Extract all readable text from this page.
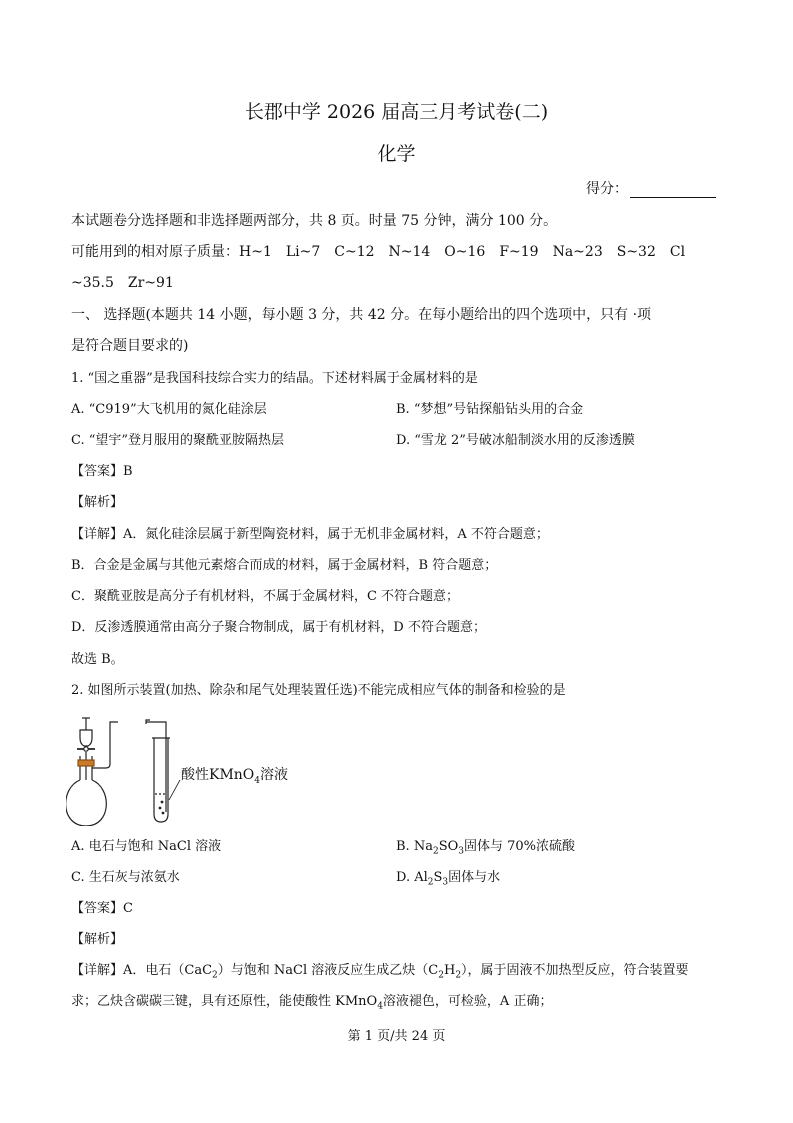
长郡中学 2026 届高三月考试卷(二)
化学
得分：
本试题卷分选择题和非选择题两部分，共 8 页。时量 75 分钟，满分 100 分。
可能用到的相对原子质量：H~1　Li~7　C~12　N~14　O~16　F~19　Na~23　S~32　Cl
~35.5　Zr~91
一、 选择题(本题共 14 小题，每小题 3 分，共 42 分。在每小题给出的四个选项中，只有 ·项
是符合题目要求的)
1. “国之重器”是我国科技综合实力的结晶。下述材料属于金属材料的是
A. “C919”大飞机用的氮化硅涂层	B. “梦想”号钻探船钻头用的合金
C. “望宇”登月服用的聚酰亚胺隔热层	D. “雪龙 2”号破冰船制淡水用的反渗透膜
【答案】B
【解析】
【详解】A．氮化硅涂层属于新型陶瓷材料，属于无机非金属材料，A 不符合题意；
B．合金是金属与其他元素熔合而成的材料，属于金属材料，B 符合题意；
C．聚酰亚胺是高分子有机材料，不属于金属材料，C 不符合题意；
D．反渗透膜通常由高分子聚合物制成，属于有机材料，D 不符合题意；
故选 B。
2. 如图所示装置(加热、除杂和尾气处理装置任选)不能完成相应气体的制备和检验的是
酸性KMnO$_4$溶液
A. 电石与饱和 NaCl 溶液	B. $Na_2SO_3$固体与 70%浓硫酸
C. 生石灰与浓氨水	D. $Al_2S_3$固体与水
【答案】C
【解析】
【详解】A．电石（CaC$_2$）与饱和 NaCl 溶液反应生成乙炔$(C_2H_2)$，属于固液不加热型反应，符合装置要
求；乙炔含碳碳三键，具有还原性，能使酸性 KMnO$_4$溶液褪色，可检验，A 正确；
第 1 页/共 24 页
